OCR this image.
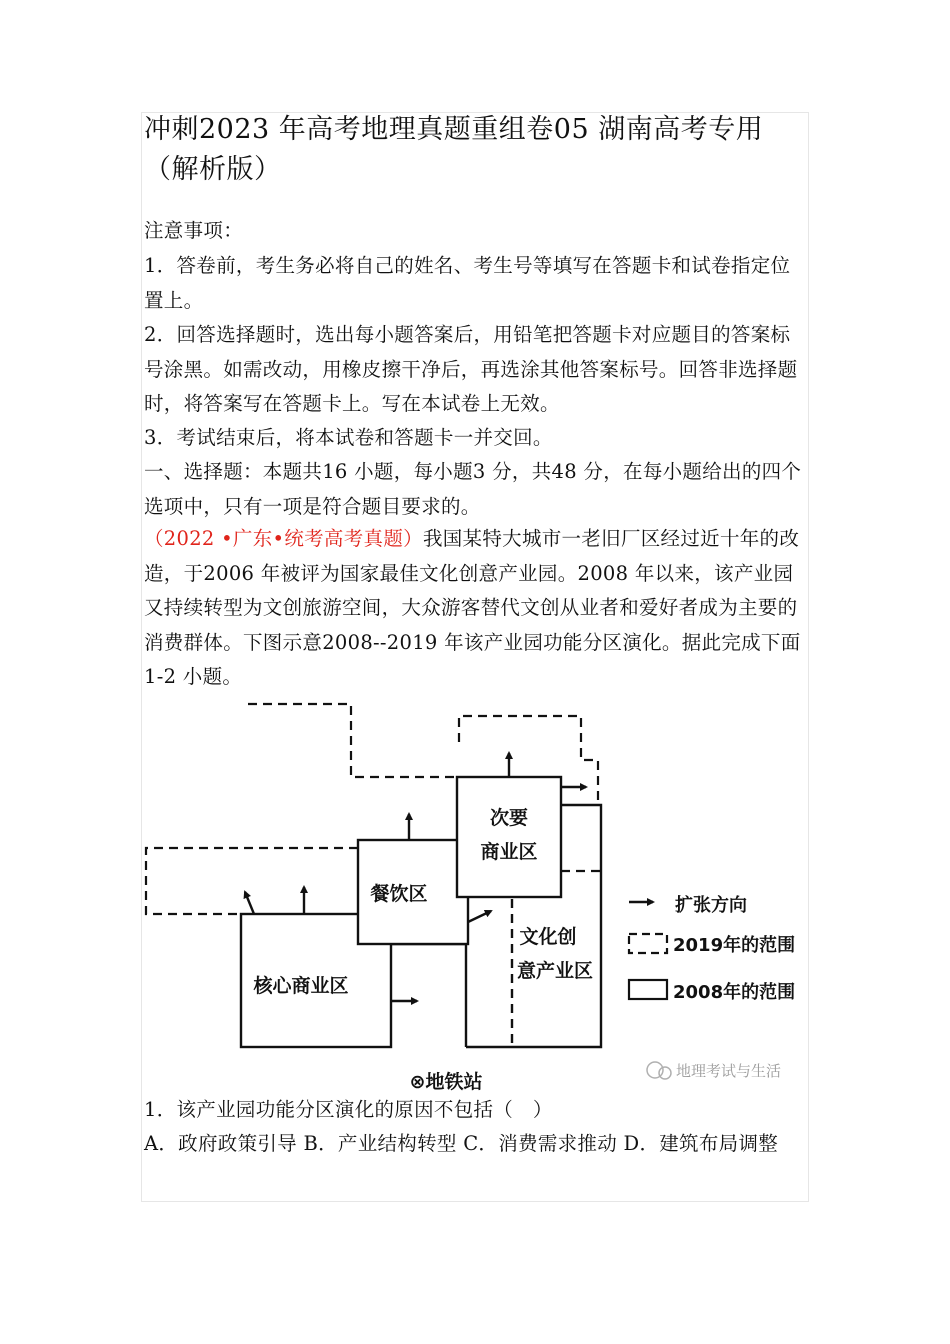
冲刺2023 年高考地理真题重组卷05 湖南高考专用（解析版）
注意事项：
1．答卷前，考生务必将自己的姓名、考生号等填写在答题卡和试卷指定位置上。
2．回答选择题时，选出每小题答案后，用铅笔把答题卡对应题目的答案标号涂黑。如需改动，用橡皮擦干净后，再选涂其他答案标号。回答非选择题时，将答案写在答题卡上。写在本试卷上无效。
3．考试结束后，将本试卷和答题卡一并交回。
一、选择题：本题共16 小题，每小题3 分，共48 分，在每小题给出的四个选项中，只有一项是符合题目要求的。
（2022 •广东•统考高考真题）我国某特大城市一老旧厂区经过近十年的改造，于2006 年被评为国家最佳文化创意产业园。2008 年以来，该产业园又持续转型为文创旅游空间，大众游客替代文创从业者和爱好者成为主要的消费群体。下图示意2008--2019 年该产业园功能分区演化。据此完成下面1-2 小题。
次要
商业区
餐饮区
文化创
意产业区
核心商业区
⊗地铁站
扩张方向
2019年的范围
2008年的范围
地理考试与生活
1．该产业园功能分区演化的原因不包括（　）
A．政府政策引导 B．产业结构转型 C．消费需求推动 D．建筑布局调整
